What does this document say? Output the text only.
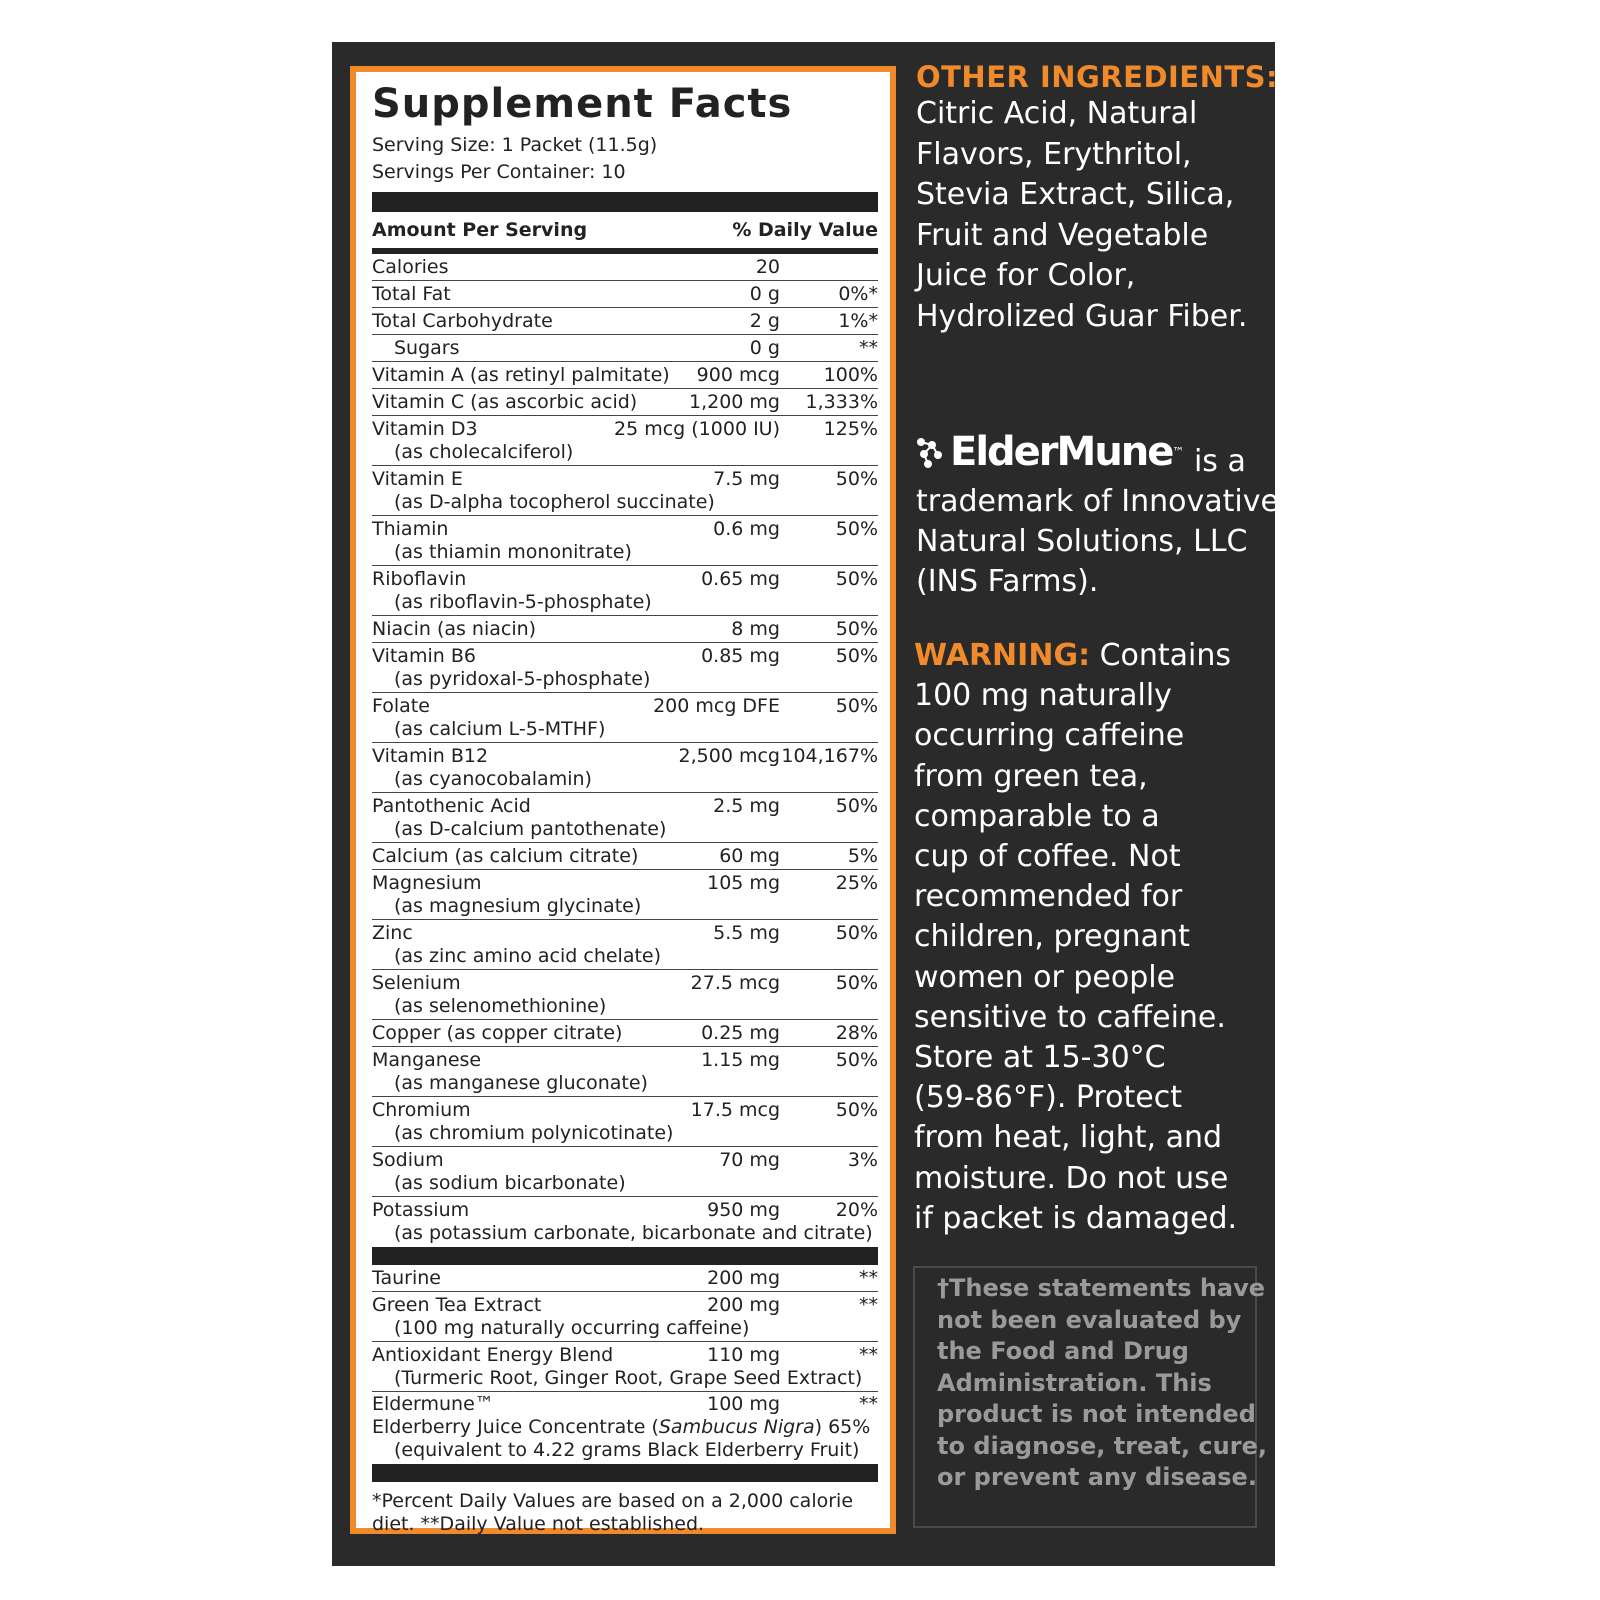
Supplement Facts
Serving Size: 1 Packet (11.5g)
Servings Per Container: 10
Amount Per Serving	% Daily Value
Calories	20
Total Fat	0 g	0%*
Total Carbohydrate	2 g	1%*
Sugars	0 g	**
Vitamin A (as retinyl palmitate) 900 mcg 100%
Vitamin C (as ascorbic acid)	1,200 mg 1,333%
Vitamin D3
(as cholecalciferol)
25 mcg (1000 IU) 125%
Vitamin E
(as D-alpha tocopherol succinate)
7.5 mg	50%
Thiamin
(as thiamin mononitrate)
0.6 mg	50%
Riboflavin
(as riboflavin-5-phosphate)
0.65 mg	50%
Niacin (as niacin)	8 mg	50%
Vitamin B6
(as pyridoxal-5-phosphate)
0.85 mg	50%
Folate
(as calcium L-5-MTHF)
200 mcg DFE	50%
Vitamin B12
(as cyanocobalamin)
2,500 mcg 104,167%
Pantothenic Acid
(as D-calcium pantothenate)
2.5 mg	50%
Calcium (as calcium citrate)	60 mg	5%
Magnesium
(as magnesium glycinate)
105 mg	25%
Zinc
(as zinc amino acid chelate)
5.5 mg	50%
Selenium
(as selenomethionine)
27.5 mcg	50%
Copper (as copper citrate)	0.25 mg	28%
Manganese
(as manganese gluconate)
1.15 mg	50%
Chromium
(as chromium polynicotinate)
17.5 mcg	50%
Sodium
(as sodium bicarbonate)
70 mg	3%
Potassium
(as potassium carbonate, bicarbonate and citrate)
950 mg	20%
Taurine	200 mg	**
Green Tea Extract
(100 mg naturally occurring caffeine)
200 mg	**
Antioxidant Energy Blend
(Turmeric Root, Ginger Root, Grape Seed Extract)
110 mg	**
Eldermune™	100 mg	**
Elderberry Juice Concentrate (Sambucus Nigra) 65%
(equivalent to 4.22 grams Black Elderberry Fruit)
*Percent Daily Values are based on a 2,000 calorie
diet. **Daily Value not established.
OTHER INGREDIENTS:
Citric Acid, Natural
Flavors, Erythritol,
Stevia Extract, Silica,
Fruit and Vegetable
Juice for Color,
Hydrolized Guar Fiber.
ElderMune ™ is a
trademark of Innovative
Natural Solutions, LLC
(INS Farms).
WARNING: Contains
100 mg naturally
occurring caffeine
from green tea,
comparable to a
cup of coffee. Not
recommended for
children, pregnant
women or people
sensitive to caffeine.
Store at 15-30°C
(59-86°F). Protect
from heat, light, and
moisture. Do not use
if packet is damaged.
†These statements have
not been evaluated by
the Food and Drug
Administration. This
product is not intended
to diagnose, treat, cure,
or prevent any disease.
